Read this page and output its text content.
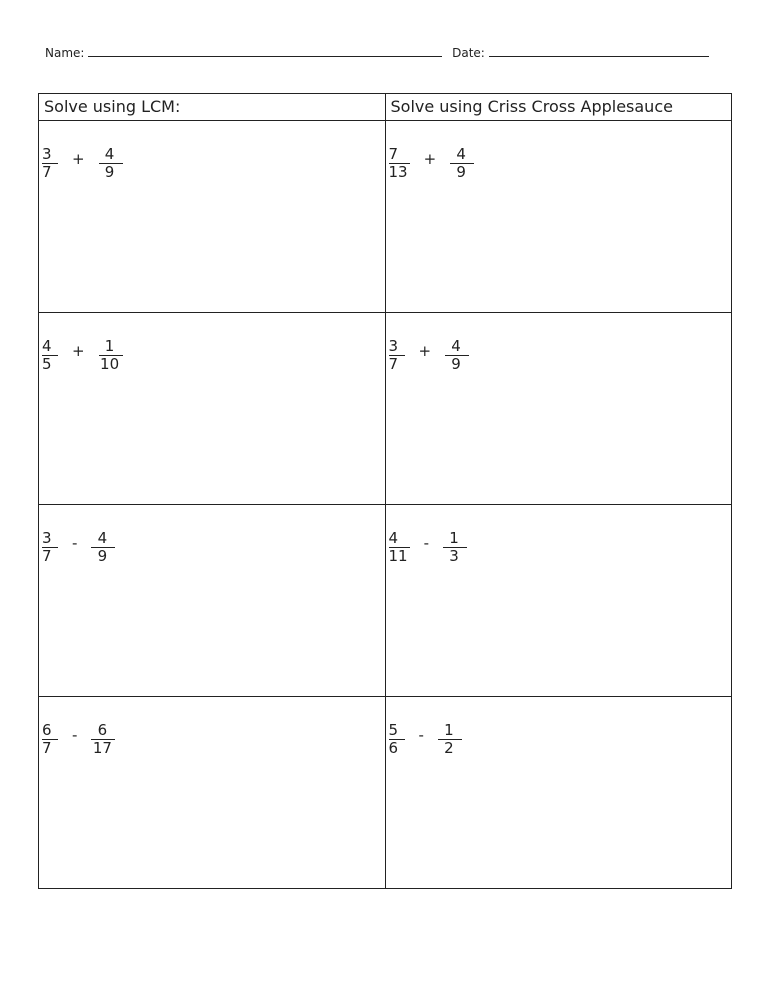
Name:	Date:
Solve using LCM:	Solve using Criss Cross Applesauce

$\frac{3}{7} + \frac{4}{9}$	$\frac{7}{13} + \frac{4}{9}$

$\frac{4}{5} + \frac{1}{10}$	$\frac{3}{7} + \frac{4}{9}$

$\frac{3}{7} - \frac{4}{9}$	$\frac{4}{11} - \frac{1}{3}$

$\frac{6}{7} - \frac{6}{17}$	$\frac{5}{6} - \frac{1}{2}$
